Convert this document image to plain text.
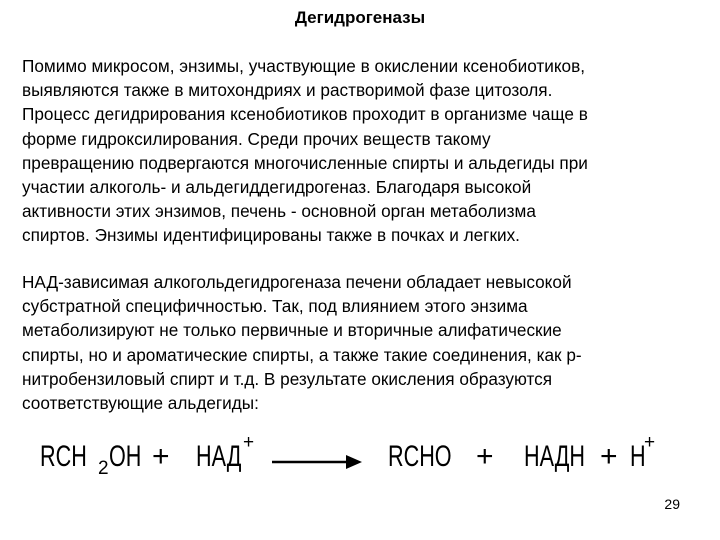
Дегидрогеназы

Помимо микросом, энзимы, участвующие в окислении ксенобиотиков,
выявляются также в митохондриях и растворимой фазе цитозоля.
Процесс дегидрирования ксенобиотиков проходит в организме чаще в
форме гидроксилирования. Среди прочих веществ такому
превращению подвергаются многочисленные спирты и альдегиды при
участии алкоголь- и альдегиддегидрогеназ. Благодаря высокой
активности этих энзимов, печень - основной орган метаболизма
спиртов. Энзимы идентифицированы также в почках и легких.

НАД-зависимая алкогольдегидрогеназа печени обладает невысокой
субстратной специфичностью. Так, под влиянием этого энзима
метаболизируют не только первичные и вторичные алифатические
спирты, но и ароматические спирты, а также такие соединения, как р-
нитробензиловый спирт и т.д. В результате окисления образуются
соответствующие альдегиды:

RCH 2 OH + НАД +	RCHO + НАДН + H
+
29
